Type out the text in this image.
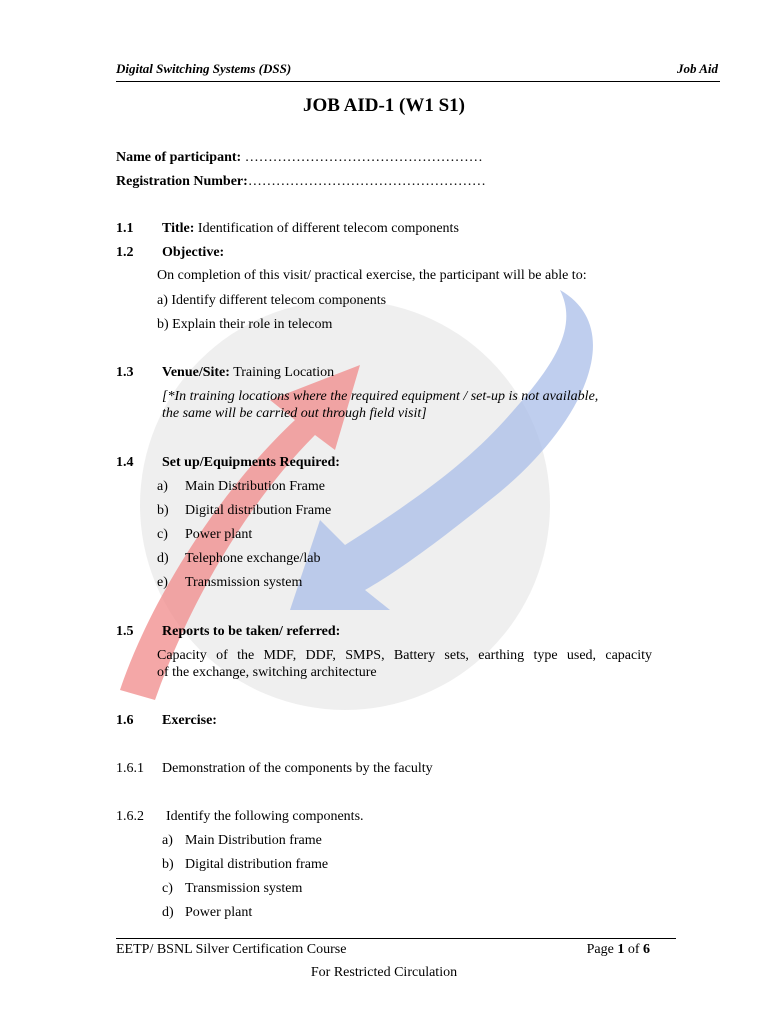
Digital Switching Systems (DSS)	Job Aid
JOB AID-1 (W1 S1)
Name of participant: ……………………………………………
Registration Number:……………………………………………
1.1 Title: Identification of different telecom components
1.2 Objective:
On completion of this visit/ practical exercise, the participant will be able to:
a) Identify different telecom components
b) Explain their role in telecom
1.3 Venue/Site: Training Location
[*In training locations where the required equipment / set-up is not available,
the same will be carried out through field visit]
1.4 Set up/Equipments Required:
a) Main Distribution Frame
b) Digital distribution Frame
c) Power plant
d) Telephone exchange/lab
e) Transmission system
1.5 Reports to be taken/ referred:
Capacity of the MDF, DDF, SMPS, Battery sets, earthing type used, capacity
of the exchange, switching architecture
1.6 Exercise:
1.6.1 Demonstration of the components by the faculty
1.6.2 Identify the following components.
a) Main Distribution frame
b) Digital distribution frame
c) Transmission system
d) Power plant
EETP/ BSNL Silver Certification Course	Page 1 of 6
For Restricted Circulation
